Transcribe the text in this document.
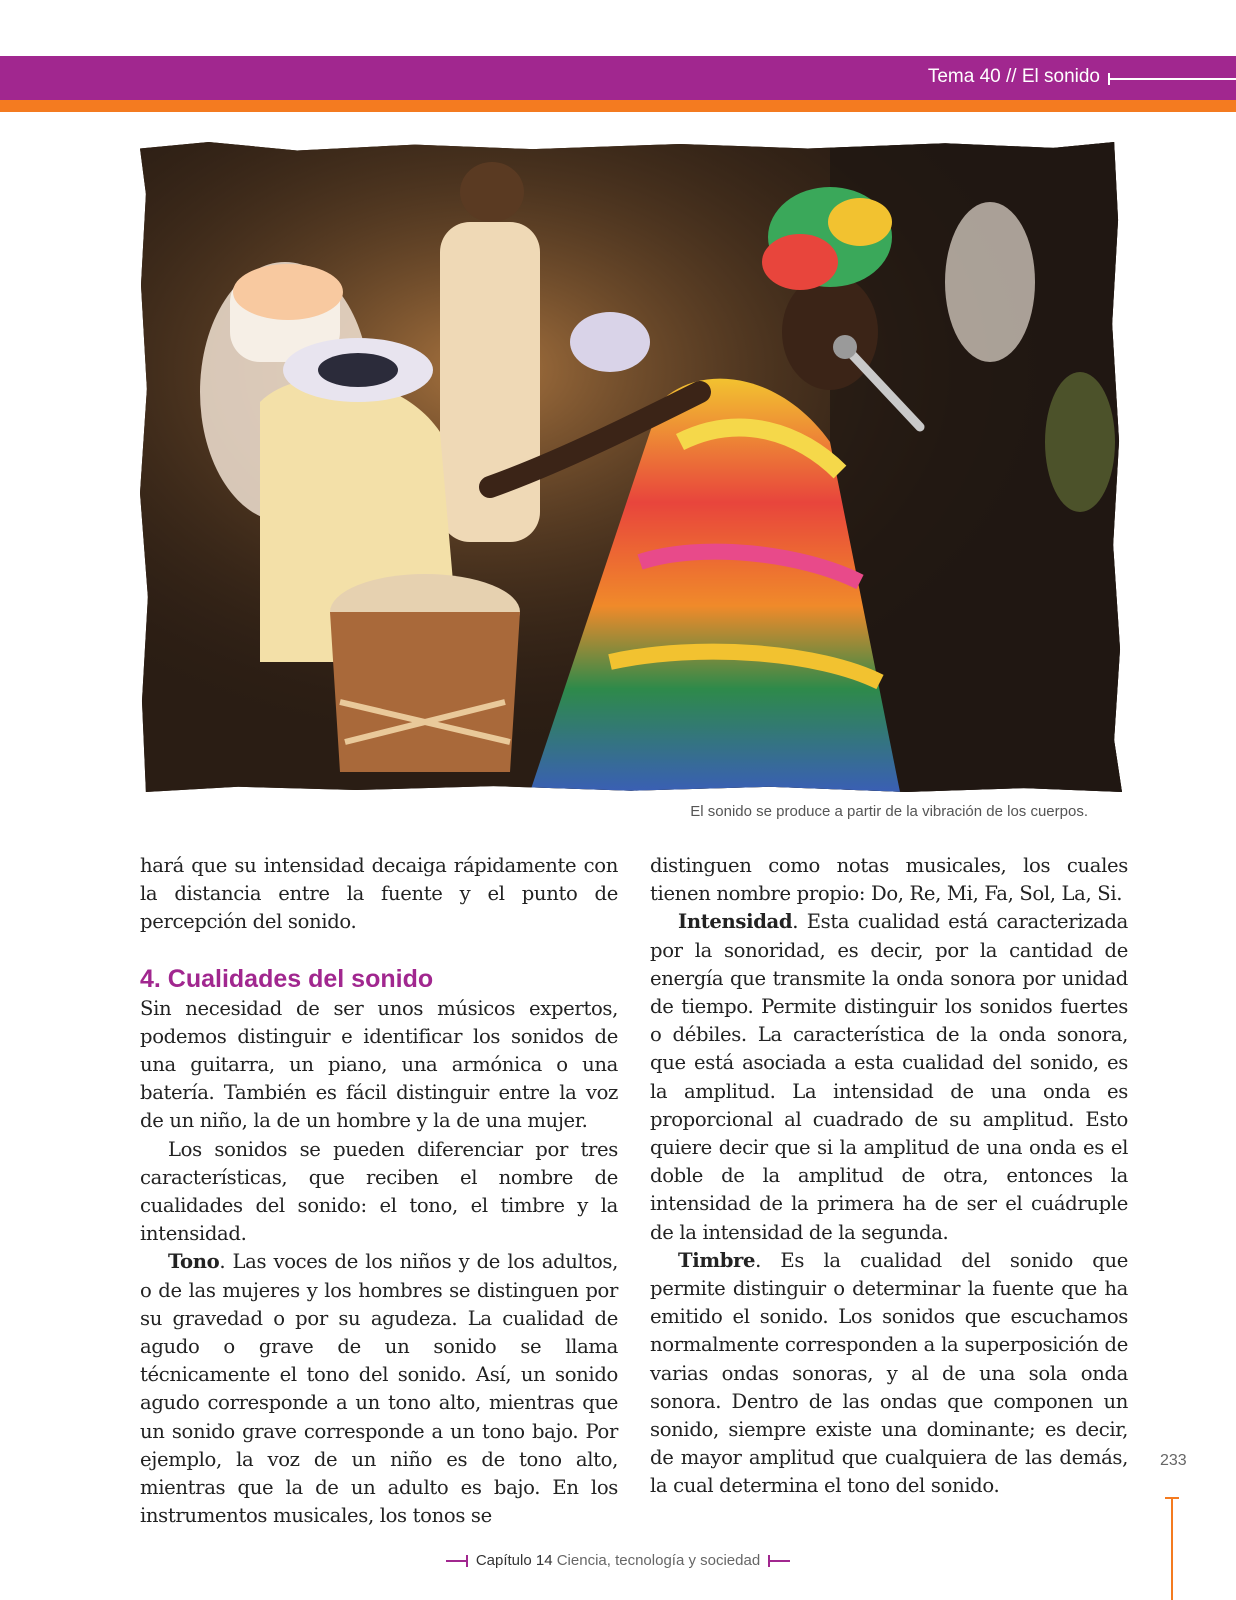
Tema 40 // El sonido
El sonido se produce a partir de la vibración de los cuerpos.

hará que su intensidad decaiga rápidamente con la distancia entre la fuente y el punto de percepción del sonido.

4. Cualidades del sonido

Sin necesidad de ser unos músicos expertos, podemos distinguir e identificar los sonidos de una guitarra, un piano, una armónica o una batería. También es fácil distinguir entre la voz de un niño, la de un hombre y la de una mujer.

Los sonidos se pueden diferenciar por tres características, que reciben el nombre de cualidades del sonido: el tono, el timbre y la intensidad.

Tono. Las voces de los niños y de los adultos, o de las mujeres y los hombres se distinguen por su gravedad o por su agudeza. La cualidad de agudo o grave de un sonido se llama técnicamente el tono del sonido. Así, un sonido agudo corresponde a un tono alto, mientras que un sonido grave corresponde a un tono bajo. Por ejemplo, la voz de un niño es de tono alto, mientras que la de un adulto es bajo. En los instrumentos musicales, los tonos se

distinguen como notas musicales, los cuales tienen nombre propio: Do, Re, Mi, Fa, Sol, La, Si.

Intensidad. Esta cualidad está caracterizada por la sonoridad, es decir, por la cantidad de energía que transmite la onda sonora por unidad de tiempo. Permite distinguir los sonidos fuertes o débiles. La característica de la onda sonora, que está asociada a esta cualidad del sonido, es la amplitud. La intensidad de una onda es proporcional al cuadrado de su amplitud. Esto quiere decir que si la amplitud de una onda es el doble de la amplitud de otra, entonces la intensidad de la primera ha de ser el cuádruple de la intensidad de la segunda.

Timbre. Es la cualidad del sonido que permite distinguir o determinar la fuente que ha emitido el sonido. Los sonidos que escuchamos normalmente corresponden a la superposición de varias ondas sonoras, y al de una sola onda sonora. Dentro de las ondas que componen un sonido, siempre existe una dominante; es decir, de mayor amplitud que cualquiera de las demás, la cual determina el tono del sonido.

233
Capítulo 14 Ciencia, tecnología y sociedad
